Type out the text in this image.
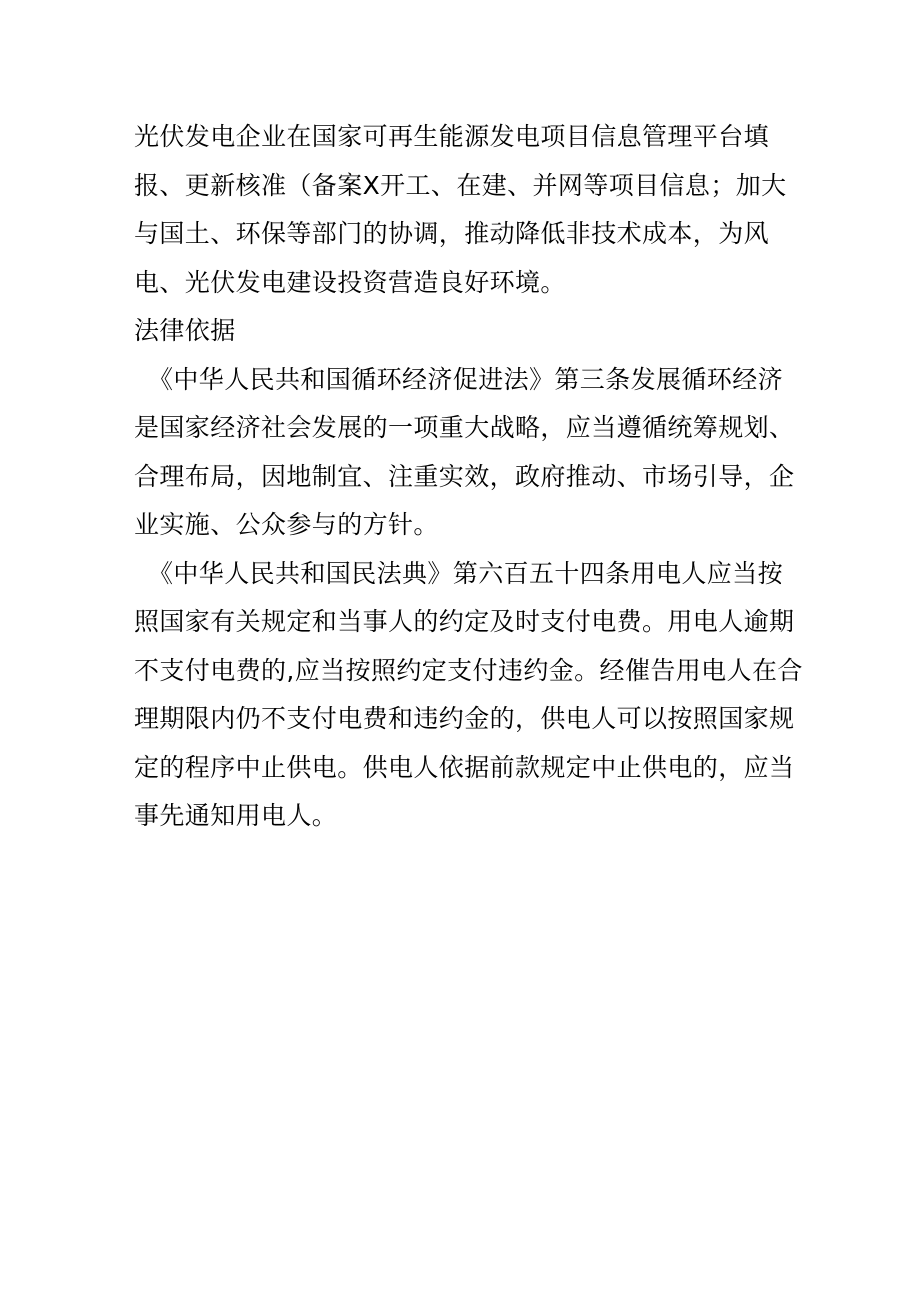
光伏发电企业在国家可再生能源发电项目信息管理平台填报、更新核准（备案X开工、在建、并网等项目信息；加大与国土、环保等部门的协调，推动降低非技术成本，为风电、光伏发电建设投资营造良好环境。

法律依据

《中华人民共和国循环经济促进法》第三条发展循环经济是国家经济社会发展的一项重大战略，应当遵循统筹规划、合理布局，因地制宜、注重实效，政府推动、市场引导，企业实施、公众参与的方针。

《中华人民共和国民法典》第六百五十四条用电人应当按照国家有关规定和当事人的约定及时支付电费。用电人逾期不支付电费的,应当按照约定支付违约金。经催告用电人在合理期限内仍不支付电费和违约金的，供电人可以按照国家规定的程序中止供电。供电人依据前款规定中止供电的，应当事先通知用电人。
